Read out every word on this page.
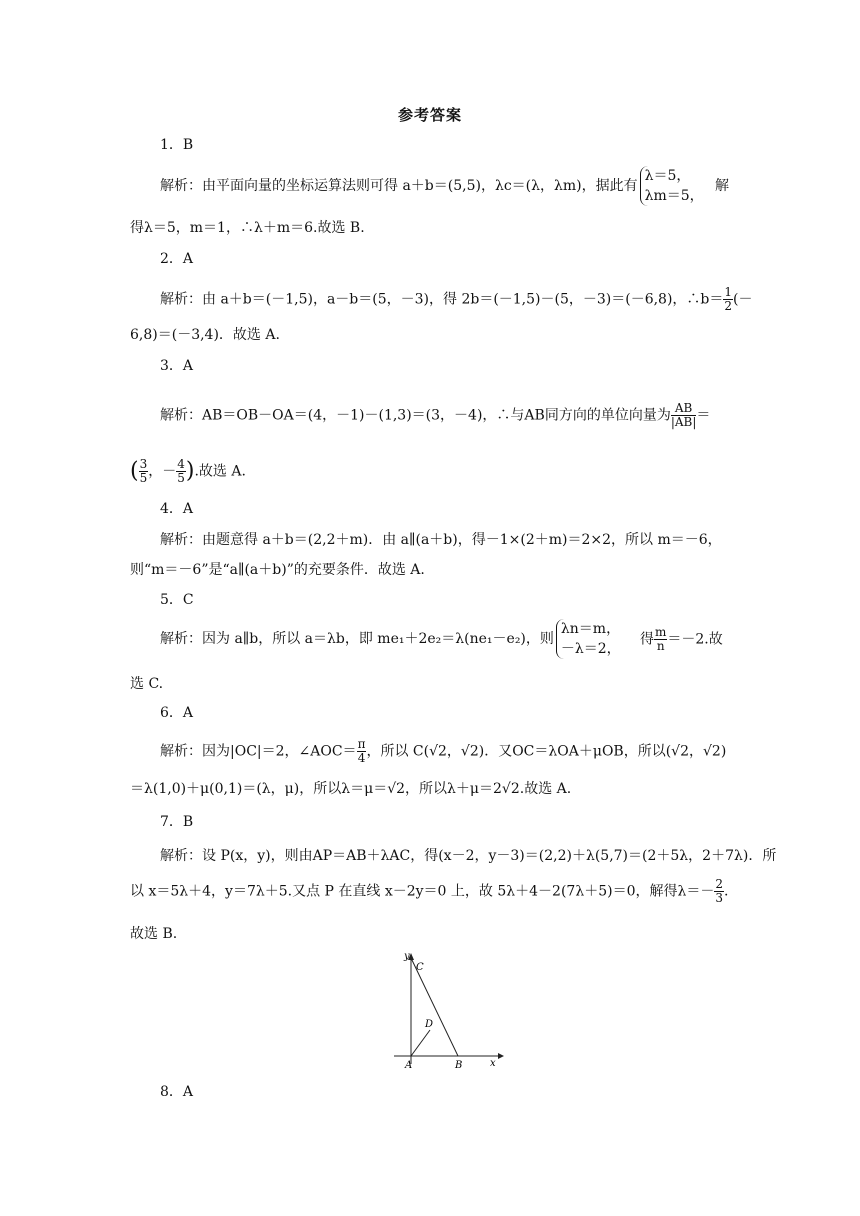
参考答案
1．B
解析：由平面向量的坐标运算法则可得 a＋b＝(5,5)，λc＝(λ，λm)，据此有λ＝5，
λm＝5，
解
得λ＝5，m＝1，∴λ＋m＝6.故选 B.
2．A
解析：由 a＋b＝(－1,5)，a－b＝(5，－3)，得 2b＝(－1,5)－(5，－3)＝(－6,8)，∴b＝ $\frac{1}{2}$ (－
6,8)＝(－3,4)．故选 A.
3．A
解析：AB＝OB－OA＝(4，－1)－(1,3)＝(3，－4)，∴与AB同方向的单位向量为 $\frac{AB}{|AB|}$ ＝
( $\frac{3}{5}$ ，－ $\frac{4}{5}$ ).故选 A.
4．A
解析：由题意得 a＋b＝(2,2＋m)．由 a∥(a＋b)，得－1×(2＋m)＝2×2，所以 m＝－6，
则“m＝－6”是“a∥(a＋b)”的充要条件．故选 A.
5．C
解析：因为 a∥b，所以 a＝λb，即 me₁＋2e₂＝λ(ne₁－e₂)，则λn＝m，
－λ＝2，
得 $\frac{m}{n} =-2$.故
选 C.
6．A
解析：因为|OC|＝2，∠AOC＝ $\frac{\pi}{4}$ ，所以 C(√2，√2)．又OC＝λOA＋μOB，所以(√2，√2)
＝λ(1,0)＋μ(0,1)＝(λ，μ)，所以λ＝μ＝√2，所以λ＋μ＝2√2.故选 A.
7．B
解析：设 P(x，y)，则由AP＝AB＋λAC，得(x－2，y－3)＝(2,2)＋λ(5,7)＝(2＋5λ，2＋7λ)．所
以 x＝5λ＋4，y＝7λ＋5.又点 P 在直线 x－2y＝0 上，故 5λ＋4－2(7λ＋5)＝0，解得$\lambda=- \frac{2}{3}$ .
故选 B.
y
C
D
A	B	x
8．A
